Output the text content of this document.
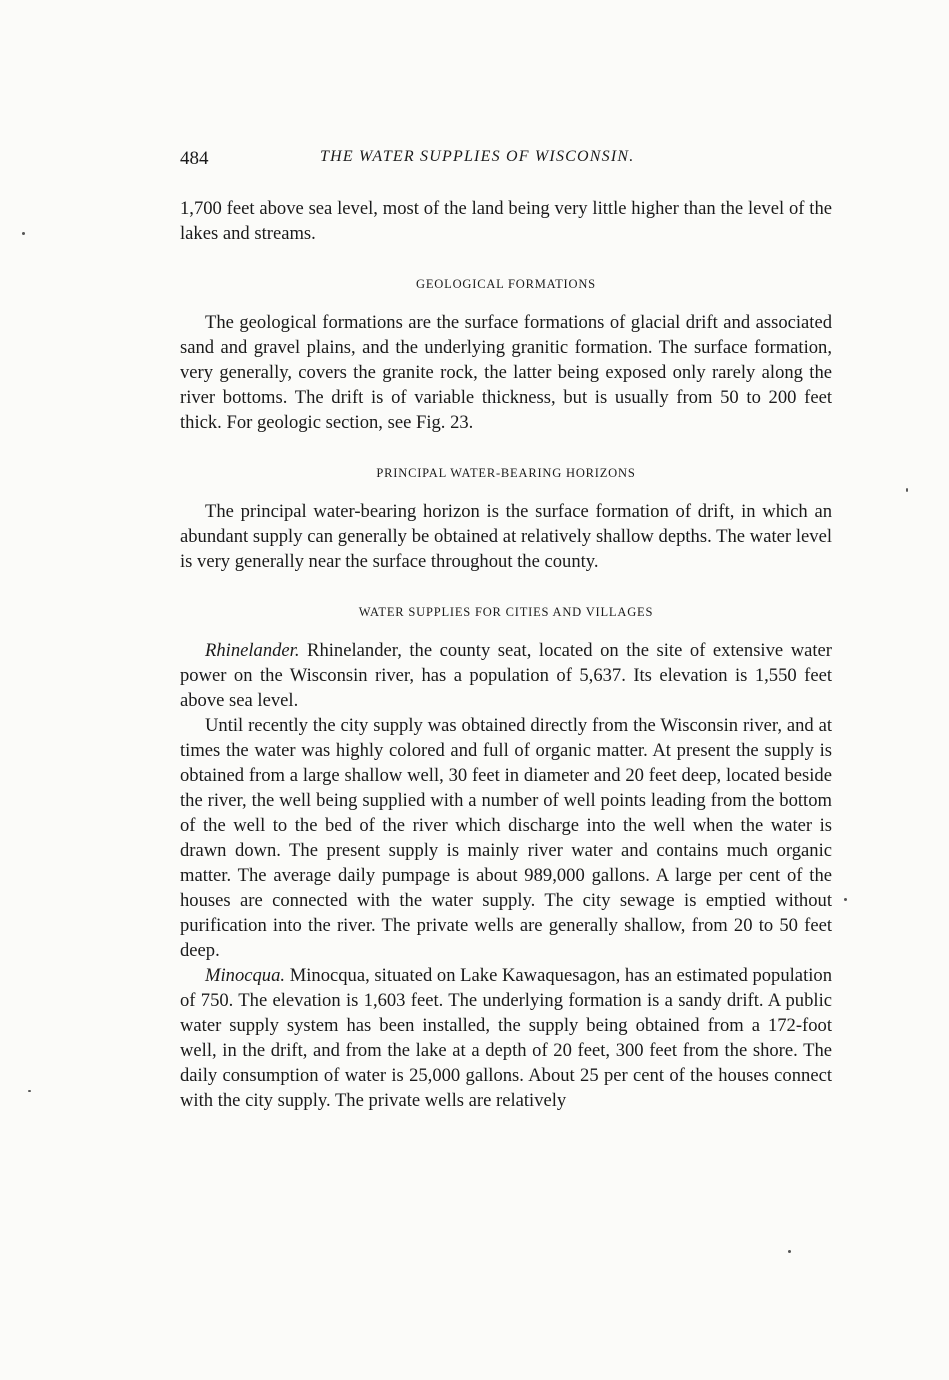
484	THE WATER SUPPLIES OF WISCONSIN.

1,700 feet above sea level, most of the land being very little higher than the level of the lakes and streams.

GEOLOGICAL FORMATIONS

The geological formations are the surface formations of glacial drift and associated sand and gravel plains, and the underlying granitic formation. The surface formation, very generally, covers the granite rock, the latter being exposed only rarely along the river bottoms. The drift is of variable thickness, but is usually from 50 to 200 feet thick. For geologic section, see Fig. 23.

PRINCIPAL WATER-BEARING HORIZONS

The principal water-bearing horizon is the surface formation of drift, in which an abundant supply can generally be obtained at relatively shallow depths. The water level is very generally near the surface throughout the county.

WATER SUPPLIES FOR CITIES AND VILLAGES

Rhinelander. Rhinelander, the county seat, located on the site of extensive water power on the Wisconsin river, has a population of 5,637. Its elevation is 1,550 feet above sea level.

Until recently the city supply was obtained directly from the Wisconsin river, and at times the water was highly colored and full of organic matter. At present the supply is obtained from a large shallow well, 30 feet in diameter and 20 feet deep, located beside the river, the well being supplied with a number of well points leading from the bottom of the well to the bed of the river which discharge into the well when the water is drawn down. The present supply is mainly river water and contains much organic matter. The average daily pumpage is about 989,000 gallons. A large per cent of the houses are connected with the water supply. The city sewage is emptied without purification into the river. The private wells are generally shallow, from 20 to 50 feet deep.

Minocqua. Minocqua, situated on Lake Kawaquesagon, has an estimated population of 750. The elevation is 1,603 feet. The underlying formation is a sandy drift. A public water supply system has been installed, the supply being obtained from a 172-foot well, in the drift, and from the lake at a depth of 20 feet, 300 feet from the shore. The daily consumption of water is 25,000 gallons. About 25 per cent of the houses connect with the city supply. The private wells are relatively
